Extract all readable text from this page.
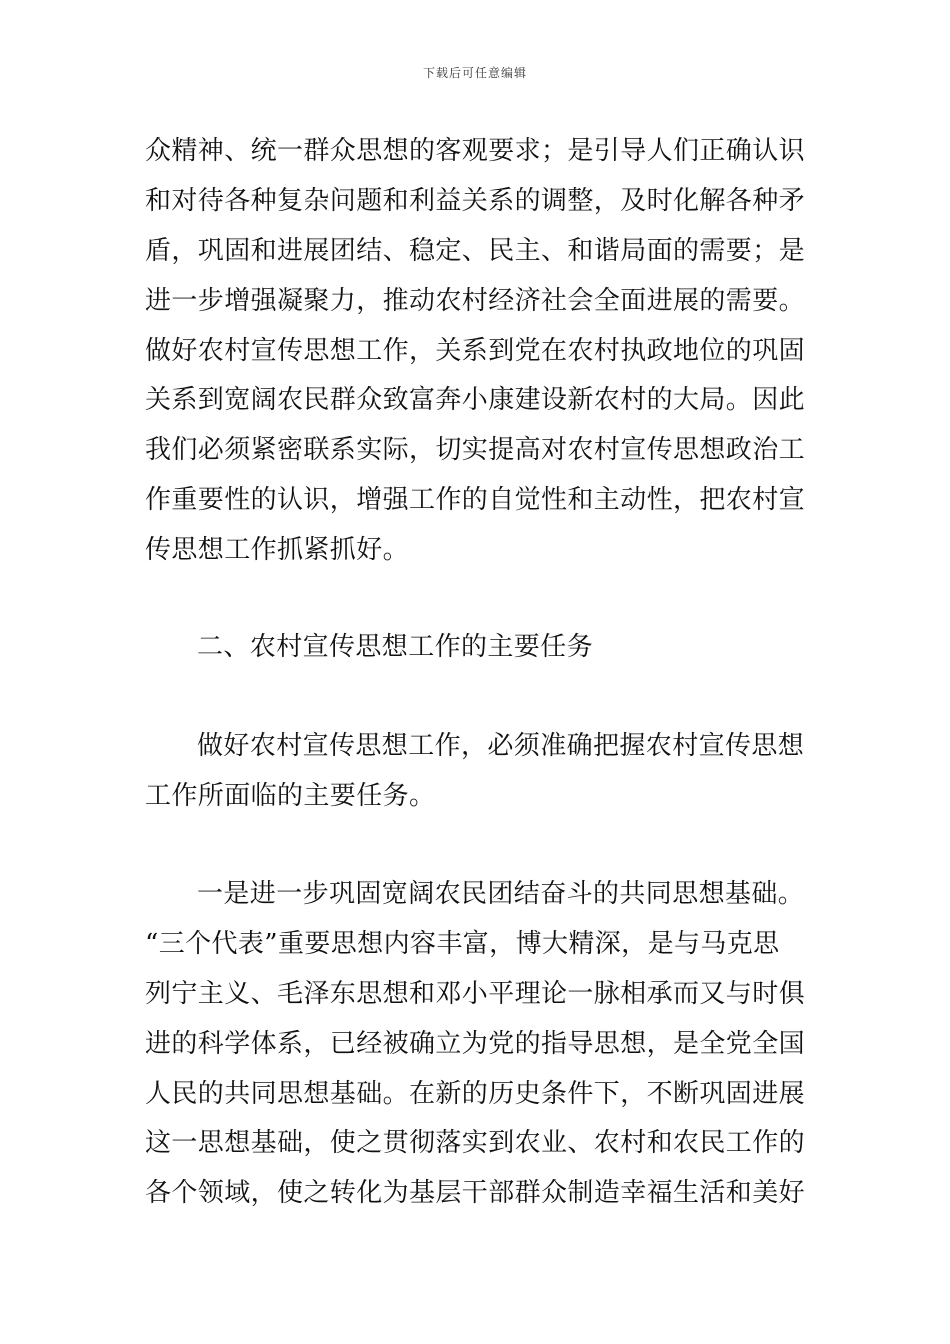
下载后可任意编辑
众精神、统一群众思想的客观要求；是引导人们正确认识
和对待各种复杂问题和利益关系的调整，及时化解各种矛
盾，巩固和进展团结、稳定、民主、和谐局面的需要；是
进一步增强凝聚力，推动农村经济社会全面进展的需要。
做好农村宣传思想工作，关系到党在农村执政地位的巩固
关系到宽阔农民群众致富奔小康建设新农村的大局。因此
我们必须紧密联系实际，切实提高对农村宣传思想政治工
作重要性的认识，增强工作的自觉性和主动性，把农村宣
传思想工作抓紧抓好。
二、农村宣传思想工作的主要任务
做好农村宣传思想工作，必须准确把握农村宣传思想
工作所面临的主要任务。
一是进一步巩固宽阔农民团结奋斗的共同思想基础。
“三个代表”重要思想内容丰富，博大精深，是与马克思
列宁主义、毛泽东思想和邓小平理论一脉相承而又与时俱
进的科学体系，已经被确立为党的指导思想，是全党全国
人民的共同思想基础。在新的历史条件下，不断巩固进展
这一思想基础，使之贯彻落实到农业、农村和农民工作的
各个领域，使之转化为基层干部群众制造幸福生活和美好
